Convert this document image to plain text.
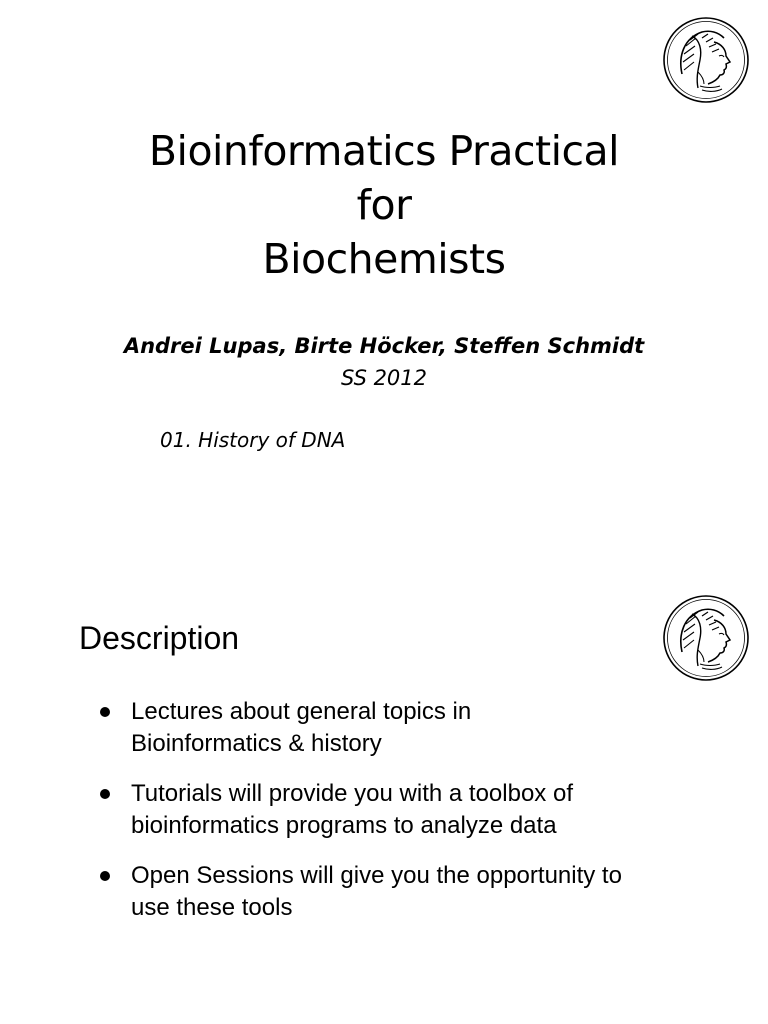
Bioinformatics Practical
for
Biochemists
Andrei Lupas, Birte Höcker, Steffen Schmidt
SS 2012
01. History of DNA
Description
Lectures about general topics in
Bioinformatics & history
Tutorials will provide you with a toolbox of
bioinformatics programs to analyze data
Open Sessions will give you the opportunity to
use these tools
